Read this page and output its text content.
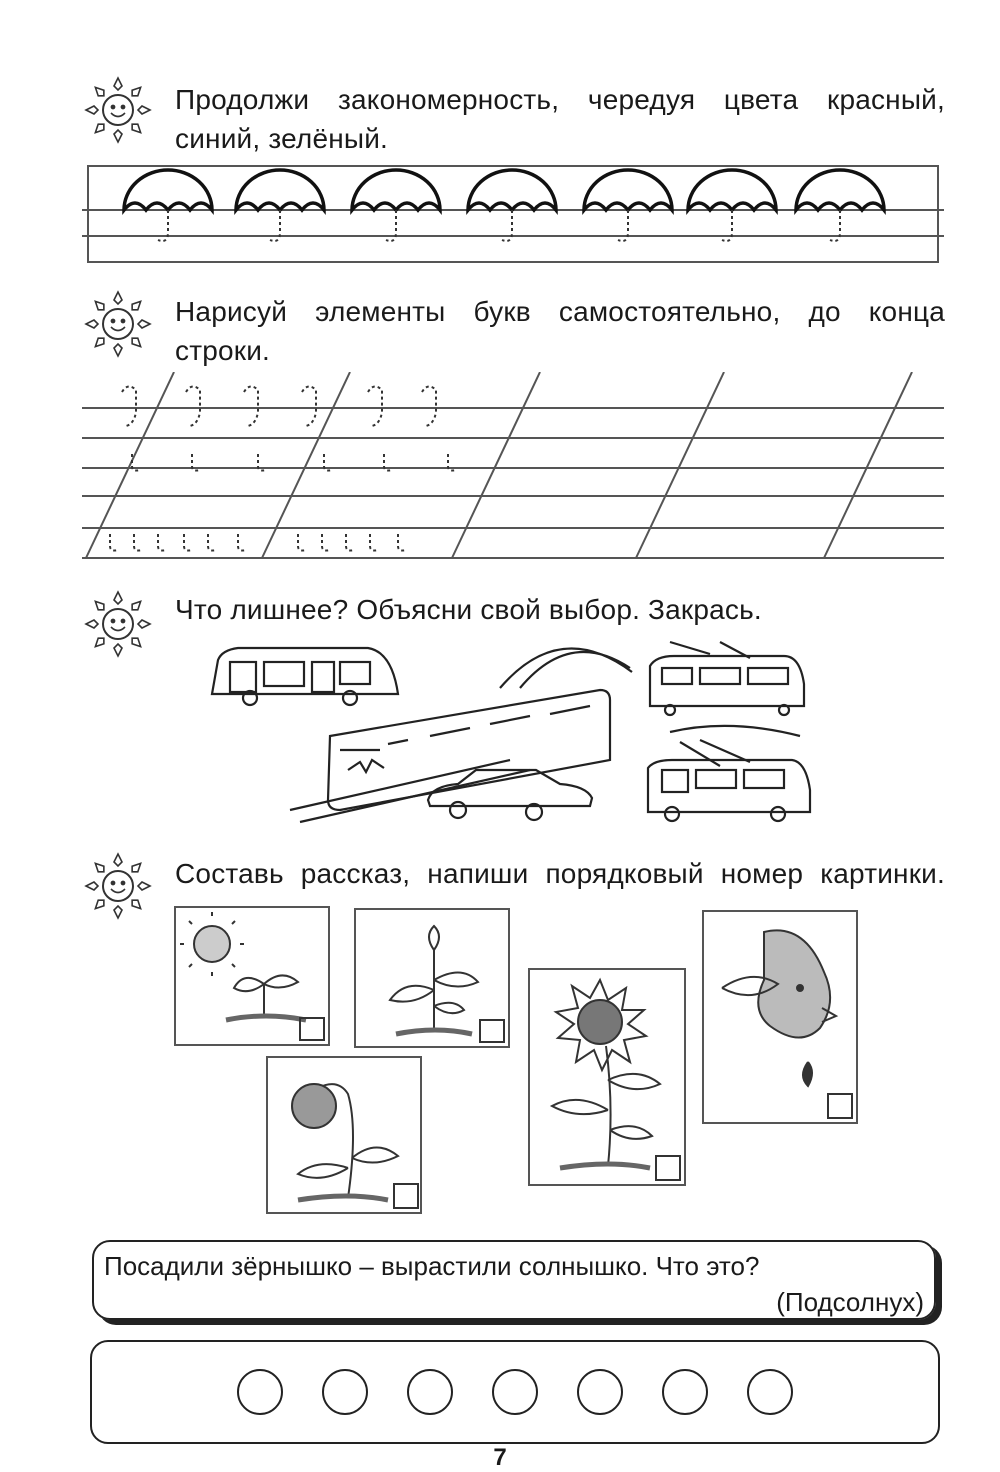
Продолжи закономерность, чередуя цвета красный, синий, зелёный.
Нарисуй элементы букв самостоятельно, до конца строки.
Что лишнее? Объясни свой выбор. Закрась.
Составь рассказ, напиши порядковый номер картинки.
Посадили зёрнышко – вырастили солнышко. Что это?
(Подсолнух)
7
